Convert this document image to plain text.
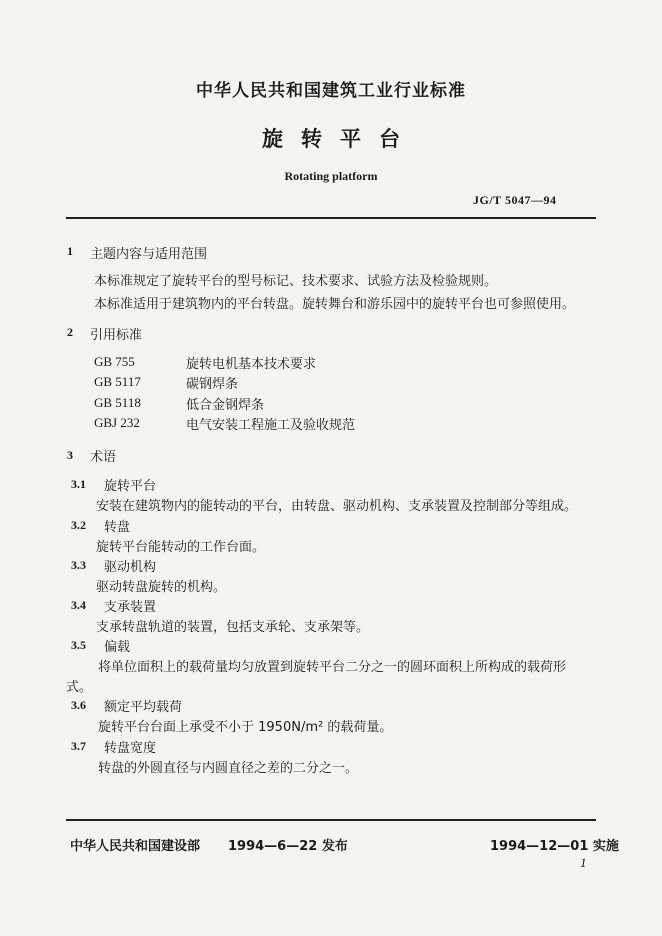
中华人民共和国建筑工业行业标准
旋转平台
Rotating platform
JG/T 5047—94
1 主题内容与适用范围
本标准规定了旋转平台的型号标记、技术要求、试验方法及检验规则。
本标准适用于建筑物内的平台转盘。旋转舞台和游乐园中的旋转平台也可参照使用。
2 引用标准
GB 755	旋转电机基本技术要求
GB 5117	碳钢焊条
GB 5118	低合金钢焊条
GBJ 232	电气安装工程施工及验收规范
3 术语
3.1 旋转平台
安装在建筑物内的能转动的平台，由转盘、驱动机构、支承装置及控制部分等组成。
3.2 转盘
旋转平台能转动的工作台面。
3.3 驱动机构
驱动转盘旋转的机构。
3.4 支承装置
支承转盘轨道的装置，包括支承轮、支承架等。
3.5 偏载
将单位面积上的载荷量均匀放置到旋转平台二分之一的圆环面积上所构成的载荷形
式。
3.6 额定平均载荷
旋转平台台面上承受不小于 1950N/m² 的载荷量。
3.7 转盘宽度
转盘的外圆直径与内圆直径之差的二分之一。
中华人民共和国建设部 1994—6—22 发布	1994—12—01 实施
1
